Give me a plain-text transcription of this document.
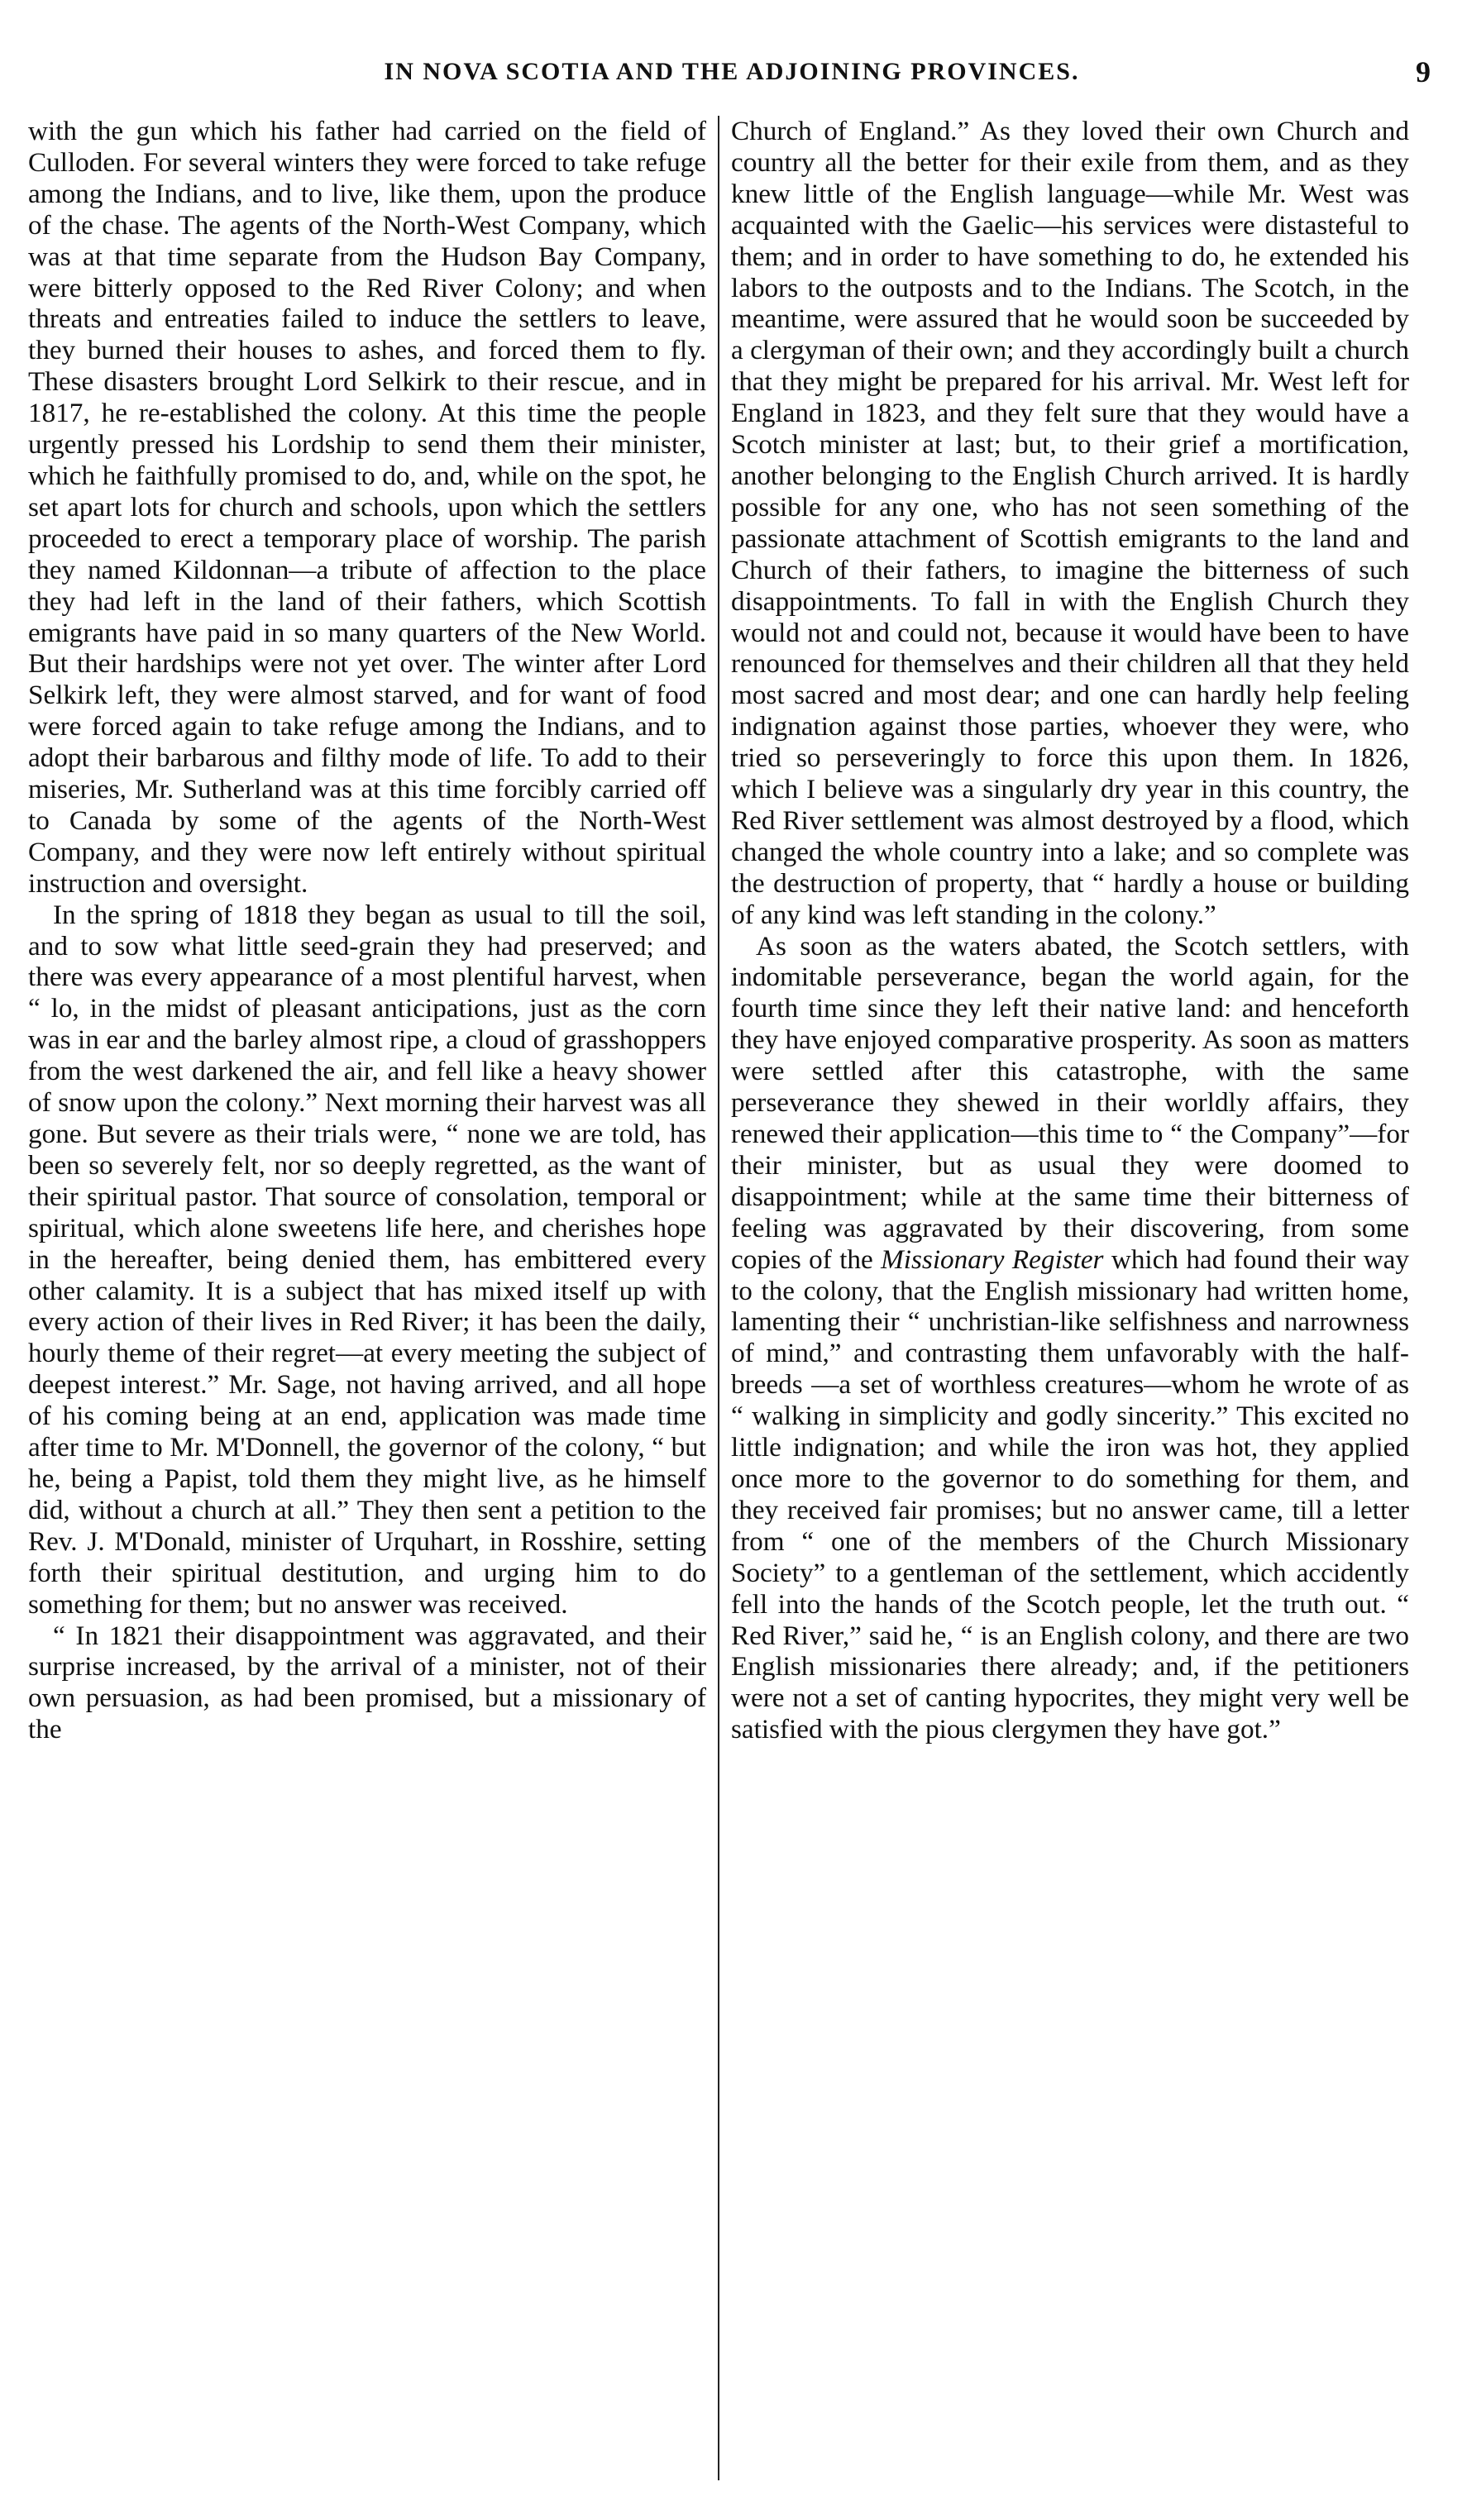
IN NOVA SCOTIA AND THE ADJOINING PROVINCES.	9

with the gun which his father had carried on the field of Culloden. For several winters they were forced to take refuge among the Indians, and to live, like them, upon the produce of the chase. The agents of the North-West Company, which was at that time separate from the Hudson Bay Company, were bitterly opposed to the Red River Colony; and when threats and entreaties failed to induce the settlers to leave, they burned their houses to ashes, and forced them to fly. These disasters brought Lord Selkirk to their rescue, and in 1817, he re-established the colony. At this time the people urgently pressed his Lordship to send them their minister, which he faithfully promised to do, and, while on the spot, he set apart lots for church and schools, upon which the settlers proceeded to erect a temporary place of worship. The parish they named Kildonnan—a tribute of affection to the place they had left in the land of their fathers, which Scottish emigrants have paid in so many quarters of the New World. But their hardships were not yet over. The winter after Lord Selkirk left, they were almost starved, and for want of food were forced again to take refuge among the Indians, and to adopt their barbarous and filthy mode of life. To add to their miseries, Mr. Sutherland was at this time forcibly carried off to Canada by some of the agents of the North-West Company, and they were now left entirely without spiritual instruction and oversight.

In the spring of 1818 they began as usual to till the soil, and to sow what little seed-grain they had preserved; and there was every appearance of a most plentiful harvest, when “ lo, in the midst of pleasant anticipations, just as the corn was in ear and the barley almost ripe, a cloud of grasshoppers from the west darkened the air, and fell like a heavy shower of snow upon the colony.” Next morning their harvest was all gone. But severe as their trials were, “ none we are told, has been so severely felt, nor so deeply regretted, as the want of their spiritual pastor. That source of consolation, temporal or spiritual, which alone sweetens life here, and cherishes hope in the hereafter, being denied them, has embittered every other calamity. It is a subject that has mixed itself up with every action of their lives in Red River; it has been the daily, hourly theme of their regret—at every meeting the subject of deepest interest.” Mr. Sage, not having arrived, and all hope of his coming being at an end, application was made time after time to Mr. M'Donnell, the governor of the colony, “ but he, being a Papist, told them they might live, as he himself did, without a church at all.” They then sent a petition to the Rev. J. M'Donald, minister of Urquhart, in Rosshire, setting forth their spiritual destitution, and urging him to do something for them; but no answer was received.

“ In 1821 their disappointment was aggravated, and their surprise increased, by the arrival of a minister, not of their own persuasion, as had been promised, but a missionary of the

Church of England.” As they loved their own Church and country all the better for their exile from them, and as they knew little of the English language—while Mr. West was acquainted with the Gaelic—his services were distasteful to them; and in order to have something to do, he extended his labors to the outposts and to the Indians. The Scotch, in the meantime, were assured that he would soon be succeeded by a clergyman of their own; and they accordingly built a church that they might be prepared for his arrival. Mr. West left for England in 1823, and they felt sure that they would have a Scotch minister at last; but, to their grief a mortification, another belonging to the English Church arrived. It is hardly possible for any one, who has not seen something of the passionate attachment of Scottish emigrants to the land and Church of their fathers, to imagine the bitterness of such disappointments. To fall in with the English Church they would not and could not, because it would have been to have renounced for themselves and their children all that they held most sacred and most dear; and one can hardly help feeling indignation against those parties, whoever they were, who tried so perseveringly to force this upon them. In 1826, which I believe was a singularly dry year in this country, the Red River settlement was almost destroyed by a flood, which changed the whole country into a lake; and so complete was the destruction of property, that “ hardly a house or building of any kind was left standing in the colony.”

As soon as the waters abated, the Scotch settlers, with indomitable perseverance, began the world again, for the fourth time since they left their native land: and henceforth they have enjoyed comparative prosperity. As soon as matters were settled after this catastrophe, with the same perseverance they shewed in their worldly affairs, they renewed their application—this time to “ the Company”—for their minister, but as usual they were doomed to disappointment; while at the same time their bitterness of feeling was aggravated by their discovering, from some copies of the Missionary Register which had found their way to the colony, that the English missionary had written home, lamenting their “ unchristian-like selfishness and narrowness of mind,” and contrasting them unfavorably with the half-breeds —a set of worthless creatures—whom he wrote of as “ walking in simplicity and godly sincerity.” This excited no little indignation; and while the iron was hot, they applied once more to the governor to do something for them, and they received fair promises; but no answer came, till a letter from “ one of the members of the Church Missionary Society” to a gentleman of the settlement, which accidently fell into the hands of the Scotch people, let the truth out. “ Red River,” said he, “ is an English colony, and there are two English missionaries there already; and, if the petitioners were not a set of canting hypocrites, they might very well be satisfied with the pious clergymen they have got.”
